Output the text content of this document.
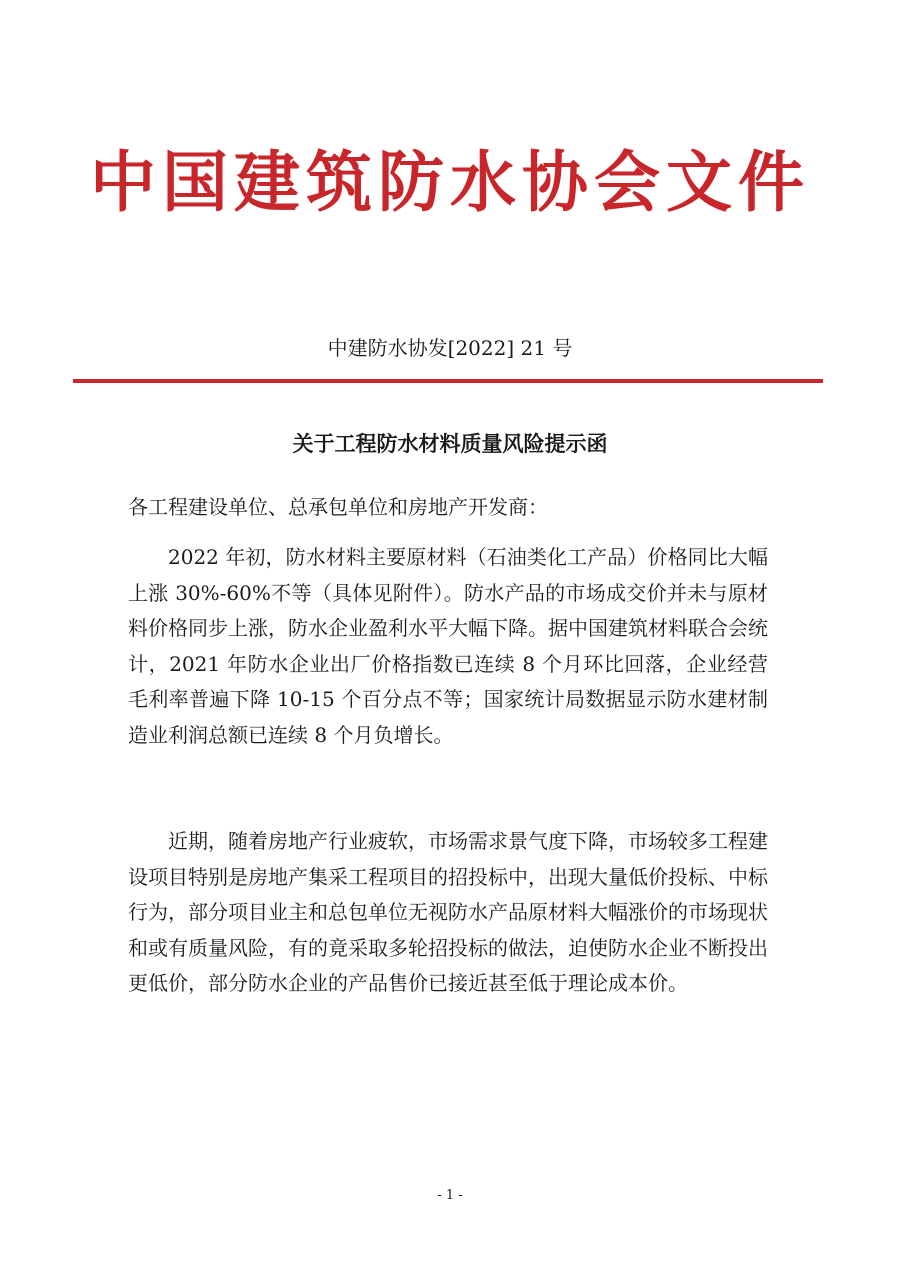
中国建筑防水协会文件
中建防水协发[2022] 21 号
关于工程防水材料质量风险提示函
各工程建设单位、总承包单位和房地产开发商：

2022 年初，防水材料主要原材料（石油类化工产品）价格同比大幅上涨 30%-60%不等（具体见附件）。防水产品的市场成交价并未与原材料价格同步上涨，防水企业盈利水平大幅下降。据中国建筑材料联合会统计，2021 年防水企业出厂价格指数已连续 8 个月环比回落，企业经营毛利率普遍下降 10-15 个百分点不等；国家统计局数据显示防水建材制造业利润总额已连续 8 个月负增长。

近期，随着房地产行业疲软，市场需求景气度下降，市场较多工程建设项目特别是房地产集采工程项目的招投标中，出现大量低价投标、中标行为，部分项目业主和总包单位无视防水产品原材料大幅涨价的市场现状和或有质量风险，有的竟采取多轮招投标的做法，迫使防水企业不断投出更低价，部分防水企业的产品售价已接近甚至低于理论成本价。

- 1 -
